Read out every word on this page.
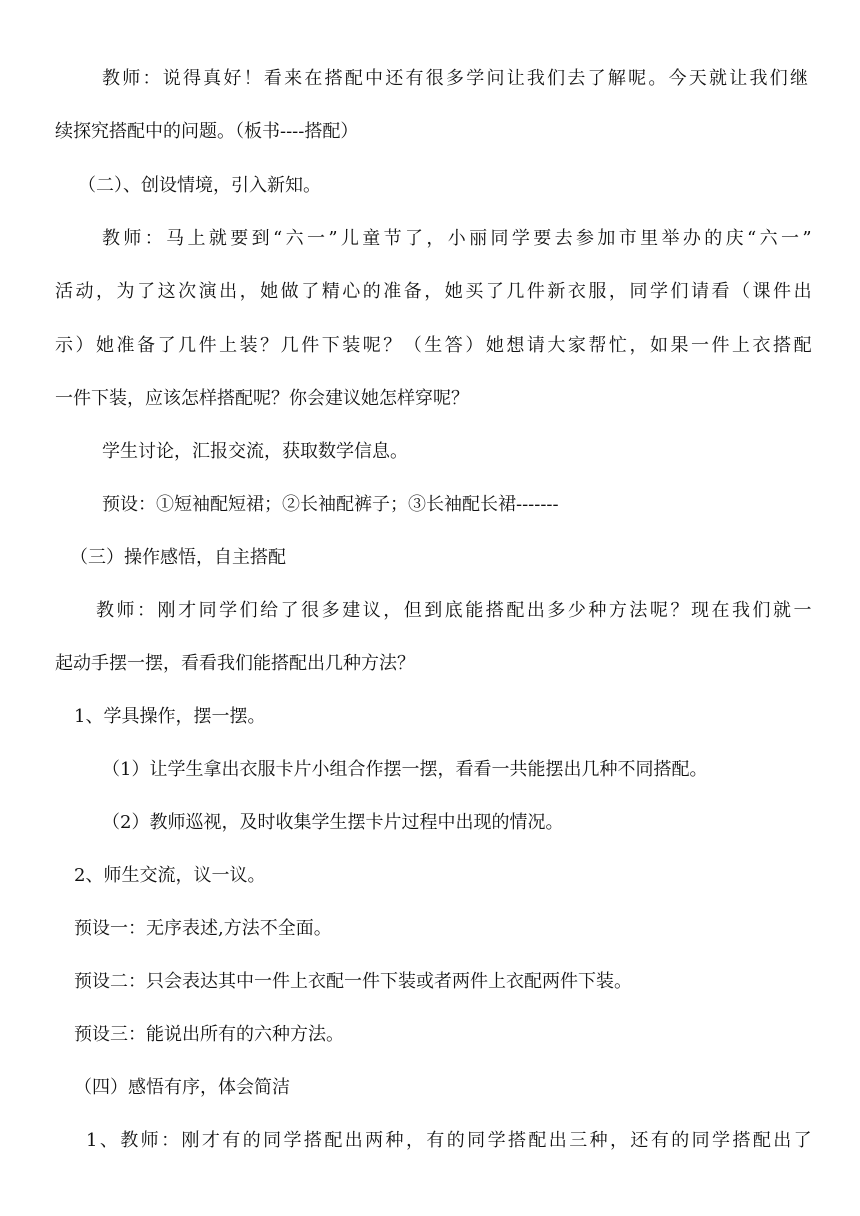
教 师 ： 说 得 真 好 ！ 看 来 在 搭 配 中 还 有 很 多 学 问 让 我 们 去 了 解 呢 。 今 天 就 让 我 们 继
续探究搭配中的问题。（板书----搭配）
（二）、创设情境，引入新知。
教 师 ： 马 上 就 要 到 “ 六 一 ” 儿 童 节 了 ， 小 丽 同 学 要 去 参 加 市 里 举 办 的 庆 “ 六 一 ”
活 动 ， 为 了 这 次 演 出 ， 她 做 了 精 心 的 准 备 ， 她 买 了 几 件 新 衣 服 ， 同 学 们 请 看 （ 课 件 出
示 ） 她 准 备 了 几 件 上 装 ？ 几 件 下 装 呢 ？ （ 生 答 ） 她 想 请 大 家 帮 忙 ， 如 果 一 件 上 衣 搭 配
一件下装，应该怎样搭配呢？你会建议她怎样穿呢？
学生讨论，汇报交流，获取数学信息。
预设：①短袖配短裙；②长袖配裤子；③长袖配长裙-------
（三）操作感悟，自主搭配
教 师 ： 刚 才 同 学 们 给 了 很 多 建 议 ， 但 到 底 能 搭 配 出 多 少 种 方 法 呢 ？ 现 在 我 们 就 一
起动手摆一摆，看看我们能搭配出几种方法？
1、学具操作，摆一摆。
（1）让学生拿出衣服卡片小组合作摆一摆，看看一共能摆出几种不同搭配。
（2）教师巡视，及时收集学生摆卡片过程中出现的情况。
2、师生交流，议一议。
预设一：无序表述,方法不全面。
预设二：只会表达其中一件上衣配一件下装或者两件上衣配两件下装。
预设三：能说出所有的六种方法。
（四）感悟有序，体会简洁
1 、 教 师 ： 刚 才 有 的 同 学 搭 配 出 两 种 ， 有 的 同 学 搭 配 出 三 种 ， 还 有 的 同 学 搭 配 出 了
